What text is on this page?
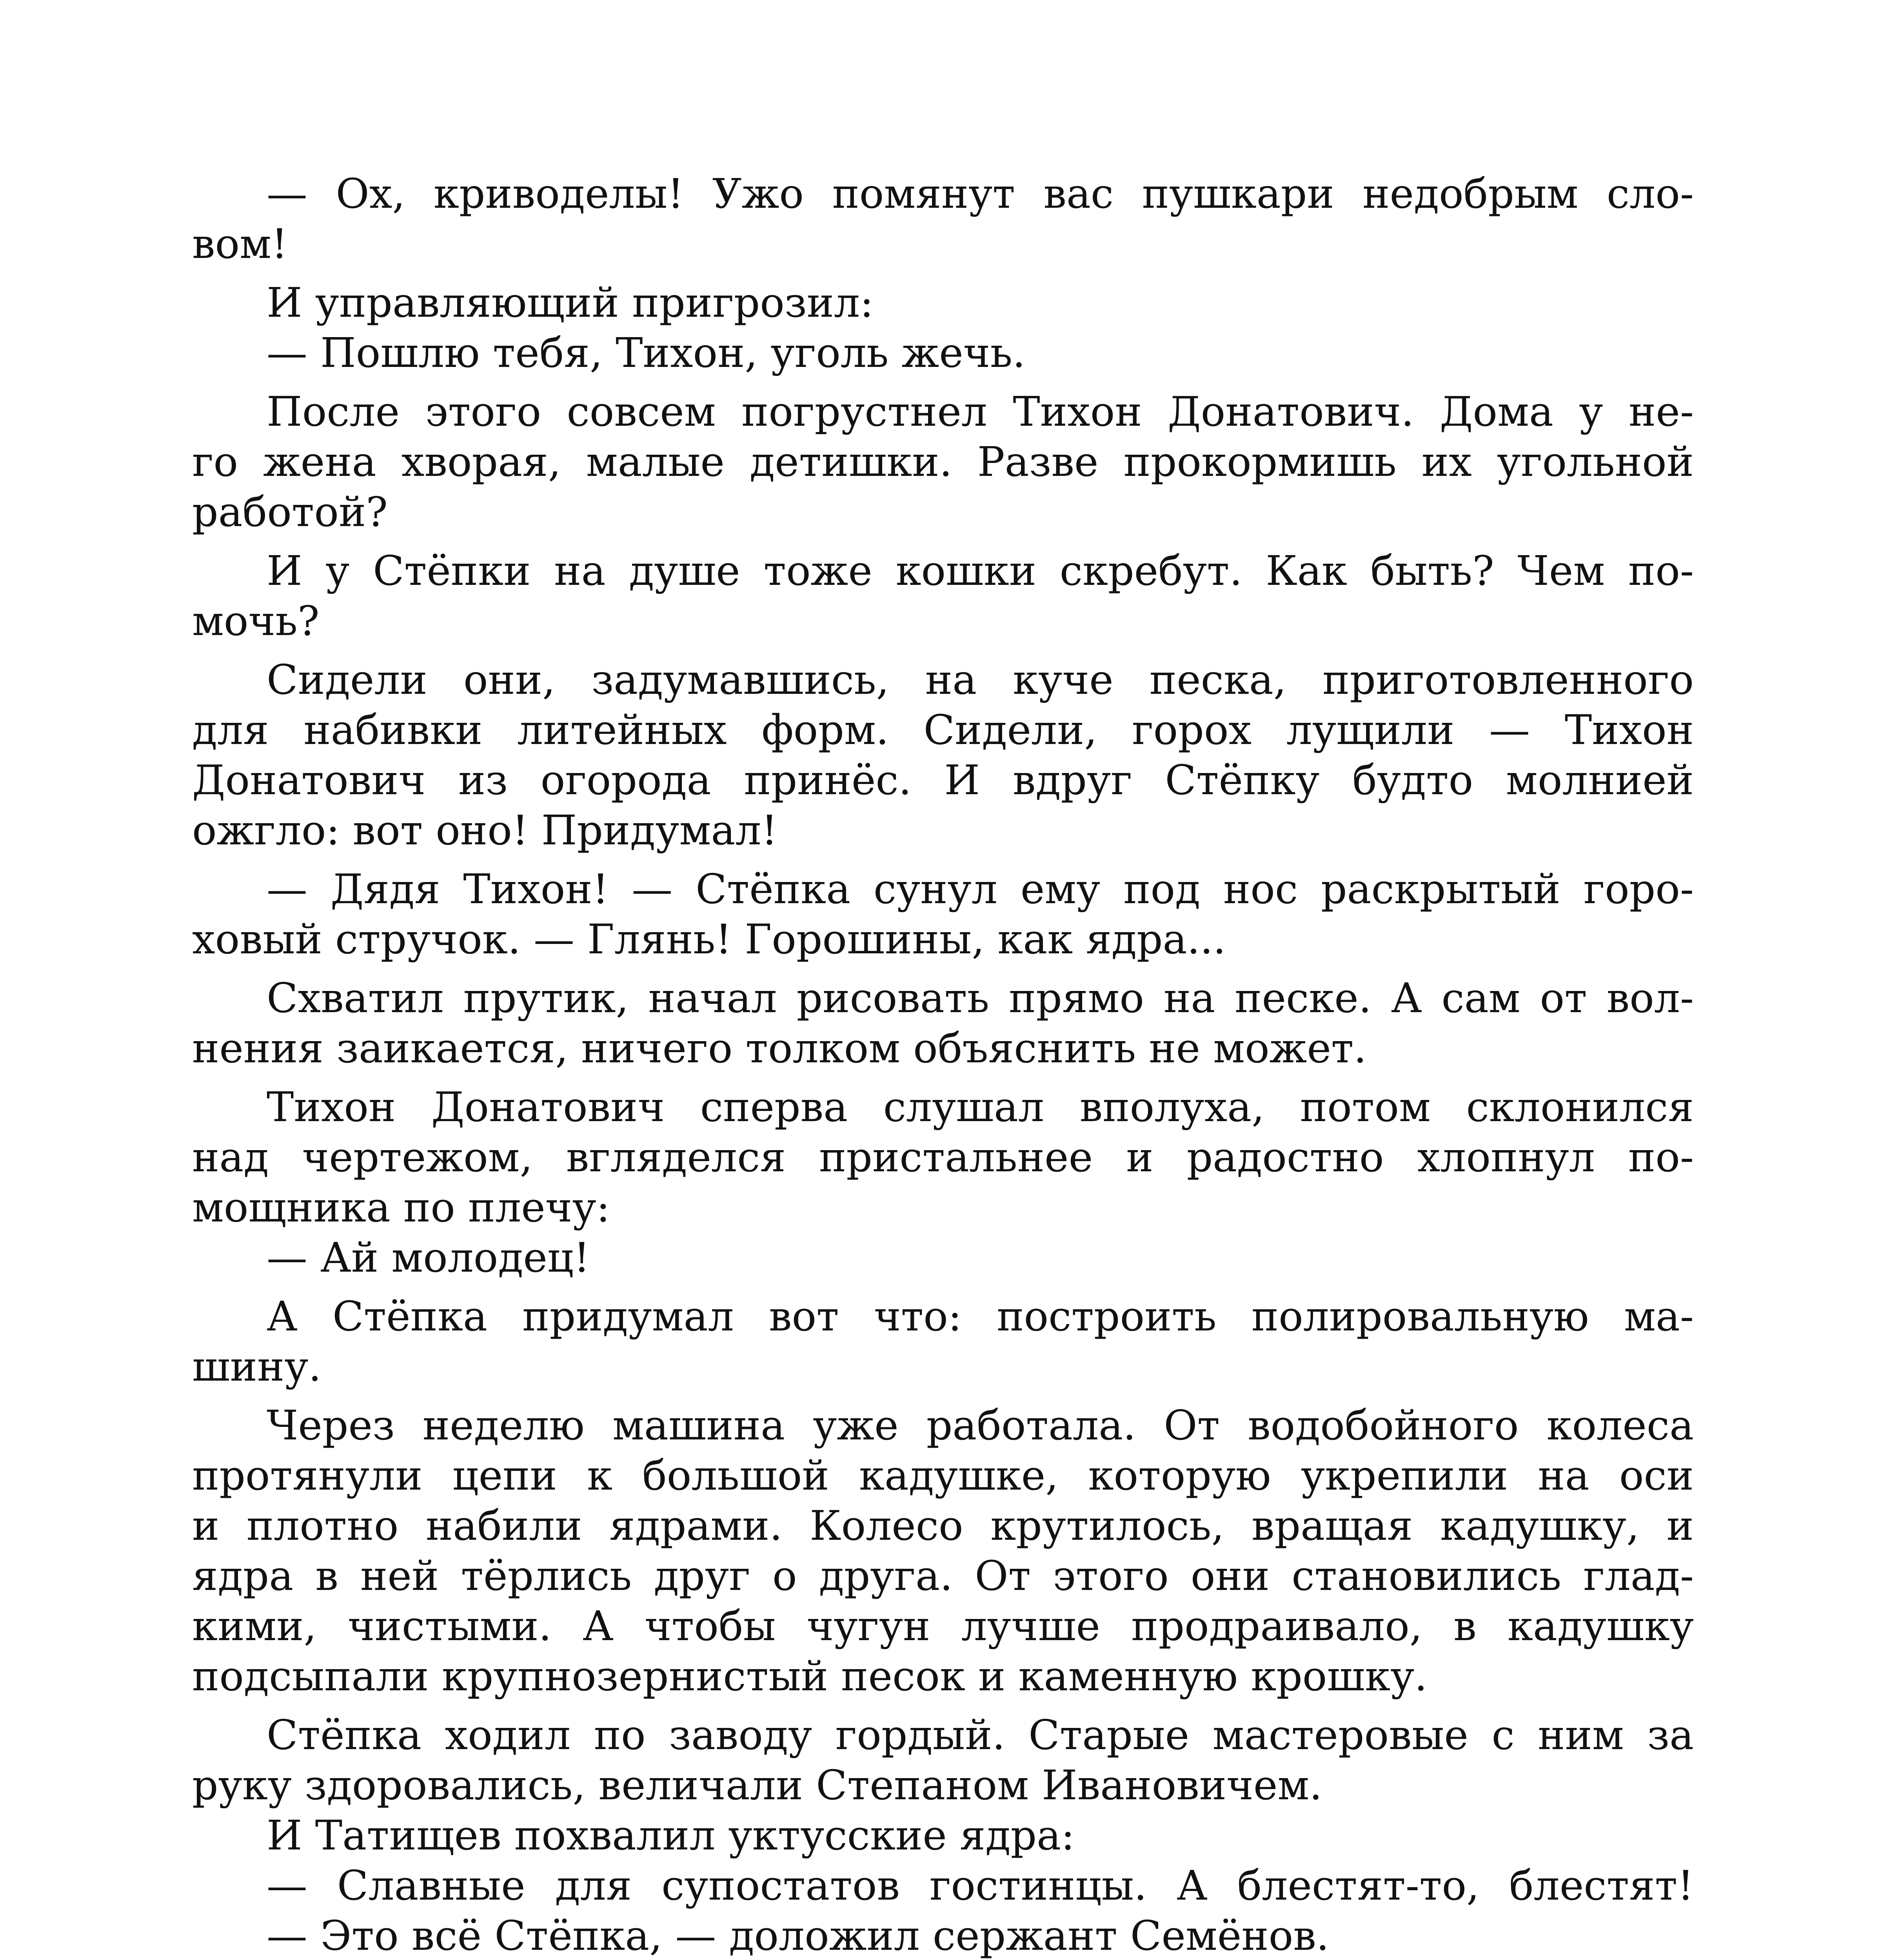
— Ох, криводелы! Ужо помянут вас пушкари недобрым сло-
вом!
И управляющий пригрозил:
— Пошлю тебя, Тихон, уголь жечь.
После этого совсем погрустнел Тихон Донатович. Дома у не-
го жена хворая, малые детишки. Разве прокормишь их угольной
работой?
И у Стёпки на душе тоже кошки скребут. Как быть? Чем по-
мочь?
Сидели они, задумавшись, на куче песка, приготовленного
для набивки литейных форм. Сидели, горох лущили — Тихон
Донатович из огорода принёс. И вдруг Стёпку будто молнией
ожгло: вот оно! Придумал!
— Дядя Тихон! — Стёпка сунул ему под нос раскрытый горо-
ховый стручок. — Глянь! Горошины, как ядра...
Схватил прутик, начал рисовать прямо на песке. А сам от вол-
нения заикается, ничего толком объяснить не может.
Тихон Донатович сперва слушал вполуха, потом склонился
над чертежом, вгляделся пристальнее и радостно хлопнул по-
мощника по плечу:
— Ай молодец!
А Стёпка придумал вот что: построить полировальную ма-
шину.
Через неделю машина уже работала. От водобойного колеса
протянули цепи к большой кадушке, которую укрепили на оси
и плотно набили ядрами. Колесо крутилось, вращая кадушку, и
ядра в ней тёрлись друг о друга. От этого они становились глад-
кими, чистыми. А чтобы чугун лучше продраивало, в кадушку
подсыпали крупнозернистый песок и каменную крошку.
Стёпка ходил по заводу гордый. Старые мастеровые с ним за
руку здоровались, величали Степаном Ивановичем.
И Татищев похвалил уктусские ядра:
— Славные для супостатов гостинцы. А блестят-то, блестят!
— Это всё Стёпка, — доложил сержант Семёнов.
